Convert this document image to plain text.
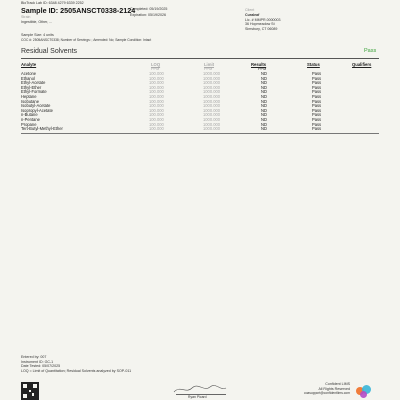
BioTrack Lab ID: 6348 4279 6339 2252
Sample ID: 2505ANSCT0338-2124
Strain
Ingestible, Other, ...
Completed: 05/19/2025
Expiration: 05/19/2026
Client
Curaleaf
Lic. # MMPR.0000003
36 Hopmeadow St
Simsbury, CT 06089
Sample Size: 4 units
COC #: 2505ANSCT0338; Number of Servings: ; Amended: No; Sample Condition: Intact
Residual Solvents	Pass
Analyte	LOQ	Limit	Results	Status	Qualifiers
PPM	PPM	PPM
Acetone	100.000	1000.000	ND	Pass
Ethanol	100.000	1000.000	ND	Pass
Ethyl-Acetate	100.000	1000.000	ND	Pass
Ethyl-Ether	100.000	1000.000	ND	Pass
Ethyl-Formate	100.000	1000.000	ND	Pass
Heptane	100.000	1000.000	ND	Pass
Isobutane	100.000	1000.000	ND	Pass
Isobutyl-Acetate	100.000	1000.000	ND	Pass
Isopropyl-Acetate	100.000	1000.000	ND	Pass
n-Butane	100.000	1000.000	ND	Pass
n-Pentane	100.000	1000.000	ND	Pass
Propane	100.000	1000.000	ND	Pass
Tert-Butyl-Methyl-Ether	100.000	1000.000	ND	Pass
Entered by: 007
Instrument ID: GC-1
Date Tested: 05/07/2025
LOQ = Limit of Quantitation; Residual Solvents analyzed by SOP-011
Ryan Picard
Confident LIMS
All Rights Reserved
coasupport@confidentlims.com
